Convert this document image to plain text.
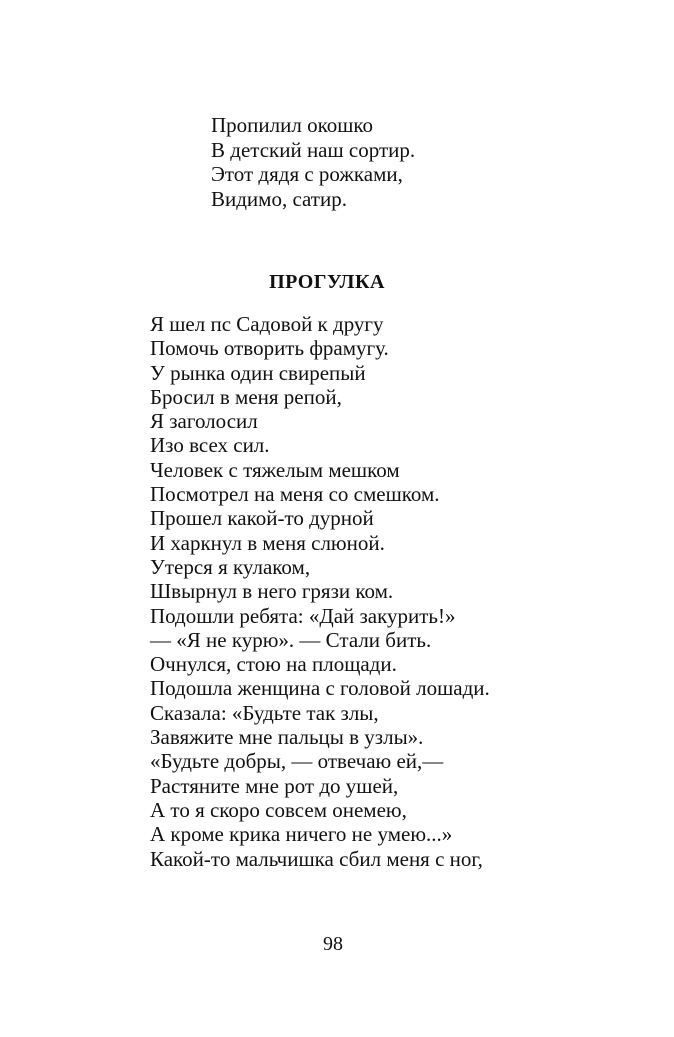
Пропилил окошко
В детский наш сортир.
Этот дядя с рожками,
Видимо, сатир.
ПРОГУЛКА
Я шел пс Садовой к другу
Помочь отворить фрамугу.
У рынка один свирепый
Бросил в меня репой,
Я заголосил
Изо всех сил.
Человек с тяжелым мешком
Посмотрел на меня со смешком.
Прошел какой-то дурной
И харкнул в меня слюной.
Утерся я кулаком,
Швырнул в него грязи ком.
Подошли ребята: «Дай закурить!»
— «Я не курю». — Стали бить.
Очнулся, стою на площади.
Подошла женщина с головой лошади.
Сказала: «Будьте так злы,
Завяжите мне пальцы в узлы».
«Будьте добры, — отвечаю ей,—
Растяните мне рот до ушей,
А то я скоро совсем онемею,
А кроме крика ничего не умею...»
Какой-то мальчишка сбил меня с ног,
98
